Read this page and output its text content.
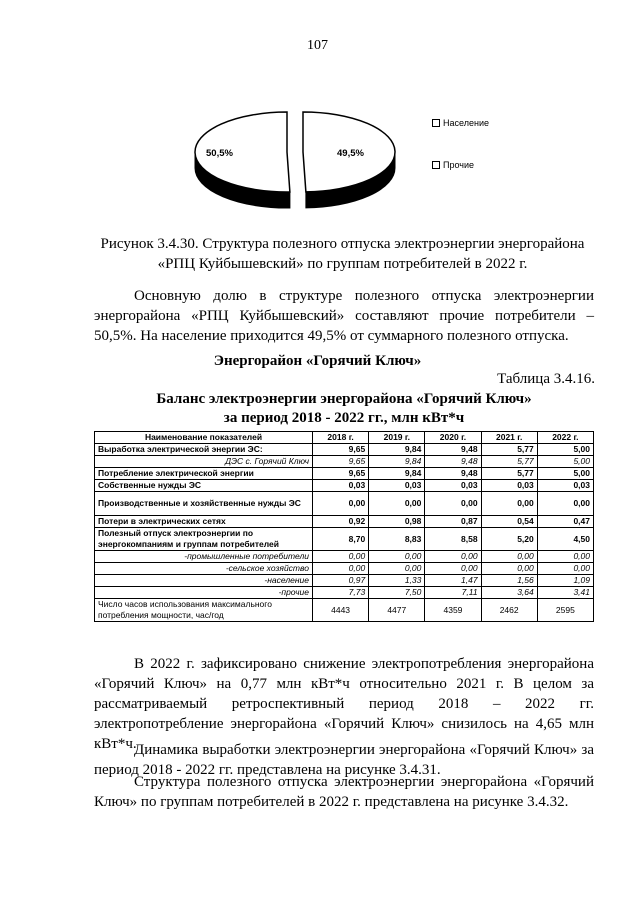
107
50,5%	49,5%
Население
Прочие
Рисунок 3.4.30. Структура полезного отпуска электроэнергии энергорайона «РПЦ Куйбышевский» по группам потребителей в 2022 г.

Основную долю в структуре полезного отпуска электроэнергии энергорайона «РПЦ Куйбышевский» составляют прочие потребители – 50,5%. На население приходится 49,5% от суммарного полезного отпуска.

Энергорайон «Горячий Ключ»
Таблица 3.4.16.
Баланс электроэнергии энергорайона «Горячий Ключ»
за период 2018 - 2022 гг., млн кВт*ч
Наименование показателей	2018 г.	2019 г.	2020 г.	2021 г.	2022 г.
Выработка электрической энергии ЭС:	9,65	9,84	9,48	5,77	5,00
ДЭС с. Горячий Ключ	9,65	9,84	9,48	5,77	5,00
Потребление электрической энергии	9,65	9,84	9,48	5,77	5,00
Собственные нужды ЭС	0,03	0,03	0,03	0,03	0,03
Производственные и хозяйственные нужды ЭС	0,00	0,00	0,00	0,00	0,00
Потери в электрических сетях	0,92	0,98	0,87	0,54	0,47
Полезный отпуск электроэнергии по энергокомпаниям и группам потребителей	8,70	8,83	8,58	5,20	4,50
-промышленные потребители	0,00	0,00	0,00	0,00	0,00
-сельское хозяйство	0,00	0,00	0,00	0,00	0,00
-население	0,97	1,33	1,47	1,56	1,09
-прочие	7,73	7,50	7,11	3,64	3,41
Число часов использования максимального потребления мощности, час/год	4443	4477	4359	2462	2595

В 2022 г. зафиксировано снижение электропотребления энергорайона «Горячий Ключ» на 0,77 млн кВт*ч относительно 2021 г. В целом за рассматриваемый ретроспективный период 2018 – 2022 гг. электропотребление энергорайона «Горячий Ключ» снизилось на 4,65 млн кВт*ч.

Динамика выработки электроэнергии энергорайона «Горячий Ключ» за период 2018 - 2022 гг. представлена на рисунке 3.4.31.

Структура полезного отпуска электроэнергии энергорайона «Горячий Ключ» по группам потребителей в 2022 г. представлена на рисунке 3.4.32.
